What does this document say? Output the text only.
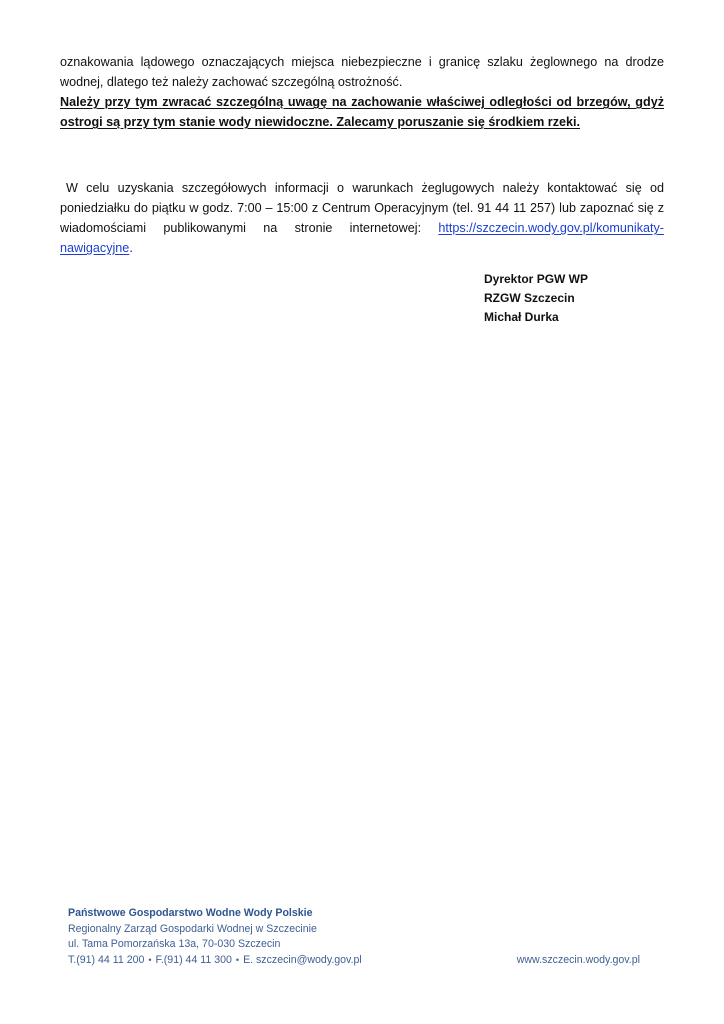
oznakowania lądowego oznaczających miejsca niebezpieczne i granicę szlaku żeglownego na drodze wodnej, dlatego też należy zachować szczególną ostrożność.
Należy przy tym zwracać szczególną uwagę na zachowanie właściwej odległości od brzegów, gdyż ostrogi są przy tym stanie wody niewidoczne. Zalecamy poruszanie się środkiem rzeki.
W celu uzyskania szczegółowych informacji o warunkach żeglugowych należy kontaktować się od poniedziałku do piątku w godz. 7:00 – 15:00 z Centrum Operacyjnym (tel. 91 44 11 257) lub zapoznać się z wiadomościami publikowanymi na stronie internetowej: https://szczecin.wody.gov.pl/komunikaty-nawigacyjne.
Dyrektor PGW WP
RZGW Szczecin
Michał Durka
Państwowe Gospodarstwo Wodne Wody Polskie
Regionalny Zarząd Gospodarki Wodnej w Szczecinie
ul. Tama Pomorzańska 13a, 70-030 Szczecin
T.(91) 44 11 200 • F.(91) 44 11 300 • E. szczecin@wody.gov.pl	www.szczecin.wody.gov.pl
